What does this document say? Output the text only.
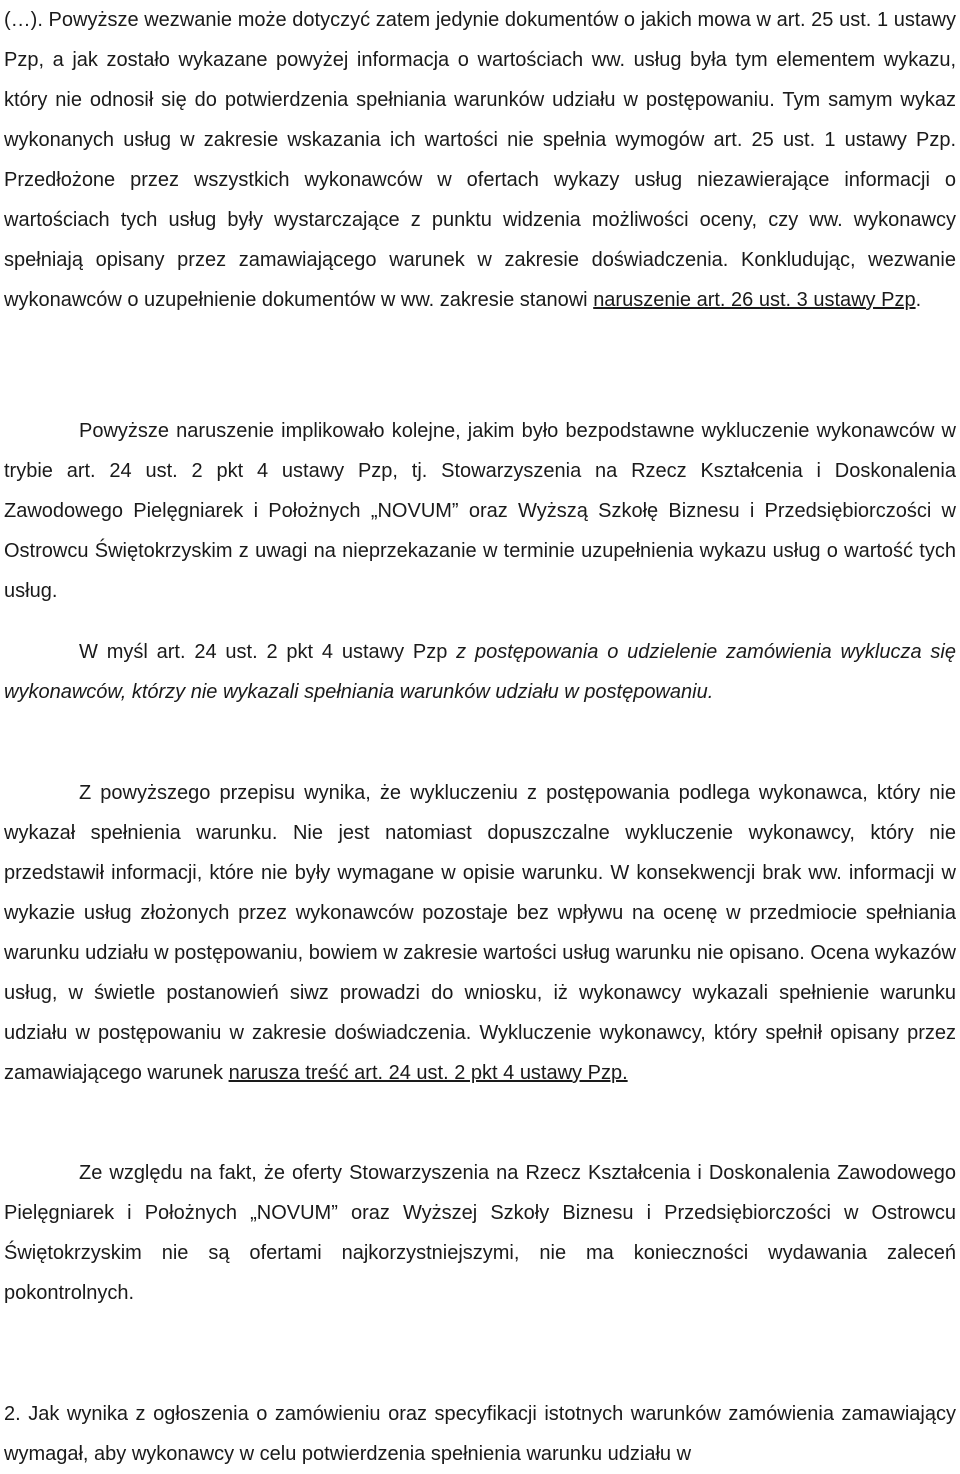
(…). Powyższe wezwanie może dotyczyć zatem jedynie dokumentów o jakich mowa w art. 25 ust. 1 ustawy Pzp, a jak zostało wykazane powyżej informacja o wartościach ww. usług była tym elementem wykazu, który nie odnosił się do potwierdzenia spełniania warunków udziału w postępowaniu. Tym samym wykaz wykonanych usług w zakresie wskazania ich wartości nie spełnia wymogów art. 25 ust. 1 ustawy Pzp. Przedłożone przez wszystkich wykonawców w ofertach wykazy usług niezawierające informacji o wartościach tych usług były wystarczające z punktu widzenia możliwości oceny, czy ww. wykonawcy spełniają opisany przez zamawiającego warunek w zakresie doświadczenia. Konkludując, wezwanie wykonawców o uzupełnienie dokumentów w ww. zakresie stanowi naruszenie art. 26 ust. 3 ustawy Pzp.

Powyższe naruszenie implikowało kolejne, jakim było bezpodstawne wykluczenie wykonawców w trybie art. 24 ust. 2 pkt 4 ustawy Pzp, tj. Stowarzyszenia na Rzecz Kształcenia i Doskonalenia Zawodowego Pielęgniarek i Położnych „NOVUM” oraz Wyższą Szkołę Biznesu i Przedsiębiorczości w Ostrowcu Świętokrzyskim z uwagi na nieprzekazanie w terminie uzupełnienia wykazu usług o wartość tych usług.

W myśl art. 24 ust. 2 pkt 4 ustawy Pzp z postępowania o udzielenie zamówienia wyklucza się wykonawców, którzy nie wykazali spełniania warunków udziału w postępowaniu.

Z powyższego przepisu wynika, że wykluczeniu z postępowania podlega wykonawca, który nie wykazał spełnienia warunku. Nie jest natomiast dopuszczalne wykluczenie wykonawcy, który nie przedstawił informacji, które nie były wymagane w opisie warunku. W konsekwencji brak ww. informacji w wykazie usług złożonych przez wykonawców pozostaje bez wpływu na ocenę w przedmiocie spełniania warunku udziału w postępowaniu, bowiem w zakresie wartości usług warunku nie opisano. Ocena wykazów usług, w świetle postanowień siwz prowadzi do wniosku, iż wykonawcy wykazali spełnienie warunku udziału w postępowaniu w zakresie doświadczenia. Wykluczenie wykonawcy, który spełnił opisany przez zamawiającego warunek narusza treść art. 24 ust. 2 pkt 4 ustawy Pzp.

Ze względu na fakt, że oferty Stowarzyszenia na Rzecz Kształcenia i Doskonalenia Zawodowego Pielęgniarek i Położnych „NOVUM” oraz Wyższej Szkoły Biznesu i Przedsiębiorczości w Ostrowcu Świętokrzyskim nie są ofertami najkorzystniejszymi, nie ma konieczności wydawania zaleceń pokontrolnych.

2. Jak wynika z ogłoszenia o zamówieniu oraz specyfikacji istotnych warunków zamówienia zamawiający wymagał, aby wykonawcy w celu potwierdzenia spełnienia warunku udziału w
